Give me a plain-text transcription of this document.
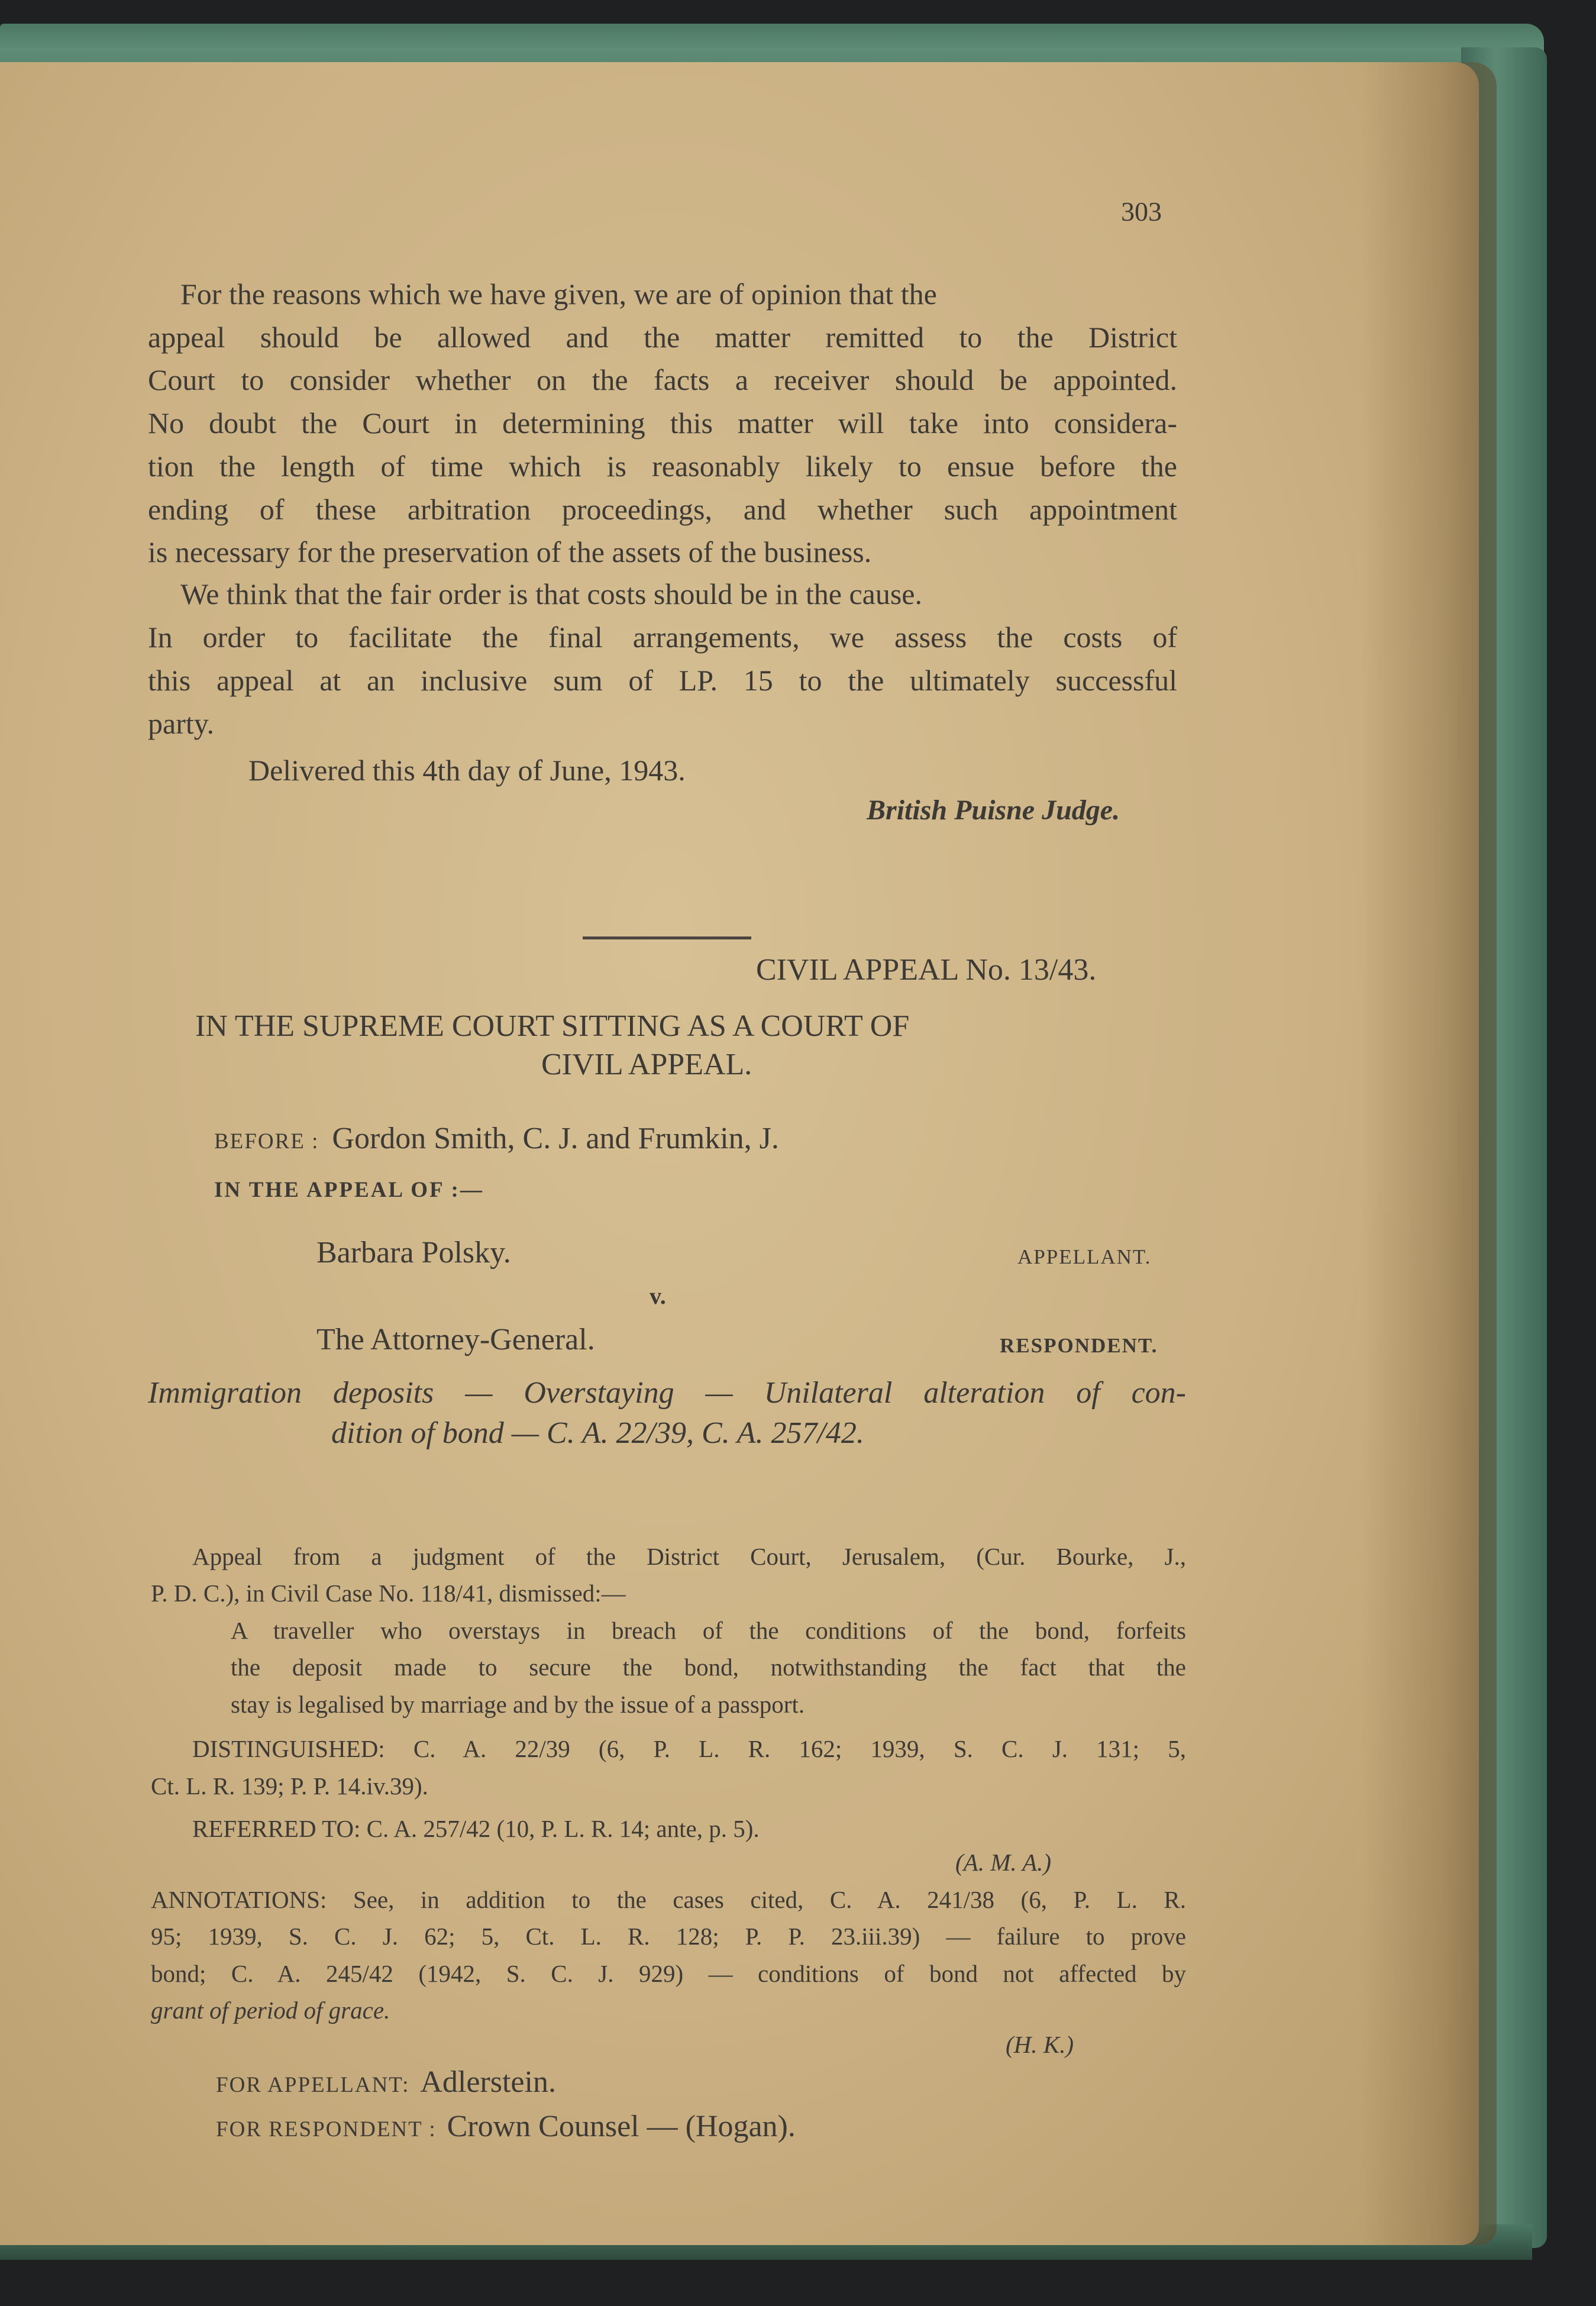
303
For the reasons which we have given, we are of opinion that the
appeal should be allowed and the matter remitted to the District
Court to consider whether on the facts a receiver should be appointed.
No doubt the Court in determining this matter will take into considera-
tion the length of time which is reasonably likely to ensue before the
ending of these arbitration proceedings, and whether such appointment
is necessary for the preservation of the assets of the business.
We think that the fair order is that costs should be in the cause.
In order to facilitate the final arrangements, we assess the costs of
this appeal at an inclusive sum of LP. 15 to the ultimately successful
party.
Delivered this 4th day of June, 1943.
British Puisne Judge.
CIVIL APPEAL No. 13/43.
IN THE SUPREME COURT SITTING AS A COURT OF
CIVIL APPEAL.
BEFORE : Gordon Smith, C. J. and Frumkin, J.
IN THE APPEAL OF :—
Barbara Polsky.	APPELLANT.
v.
The Attorney-General.	RESPONDENT.
Immigration deposits — Overstaying — Unilateral alteration of con-
dition of bond — C. A. 22/39, C. A. 257/42.
Appeal from a judgment of the District Court, Jerusalem, (Cur. Bourke, J.,
P. D. C.), in Civil Case No. 118/41, dismissed:—
A traveller who overstays in breach of the conditions of the bond, forfeits
the deposit made to secure the bond, notwithstanding the fact that the
stay is legalised by marriage and by the issue of a passport.
DISTINGUISHED: C. A. 22/39 (6, P. L. R. 162; 1939, S. C. J. 131; 5,
Ct. L. R. 139; P. P. 14.iv.39).
REFERRED TO: C. A. 257/42 (10, P. L. R. 14; ante, p. 5).
(A. M. A.)
ANNOTATIONS: See, in addition to the cases cited, C. A. 241/38 (6, P. L. R.
95; 1939, S. C. J. 62; 5, Ct. L. R. 128; P. P. 23.iii.39) — failure to prove
bond; C. A. 245/42 (1942, S. C. J. 929) — conditions of bond not affected by
grant of period of grace.
(H. K.)
FOR APPELLANT: Adlerstein.
FOR RESPONDENT : Crown Counsel — (Hogan).
